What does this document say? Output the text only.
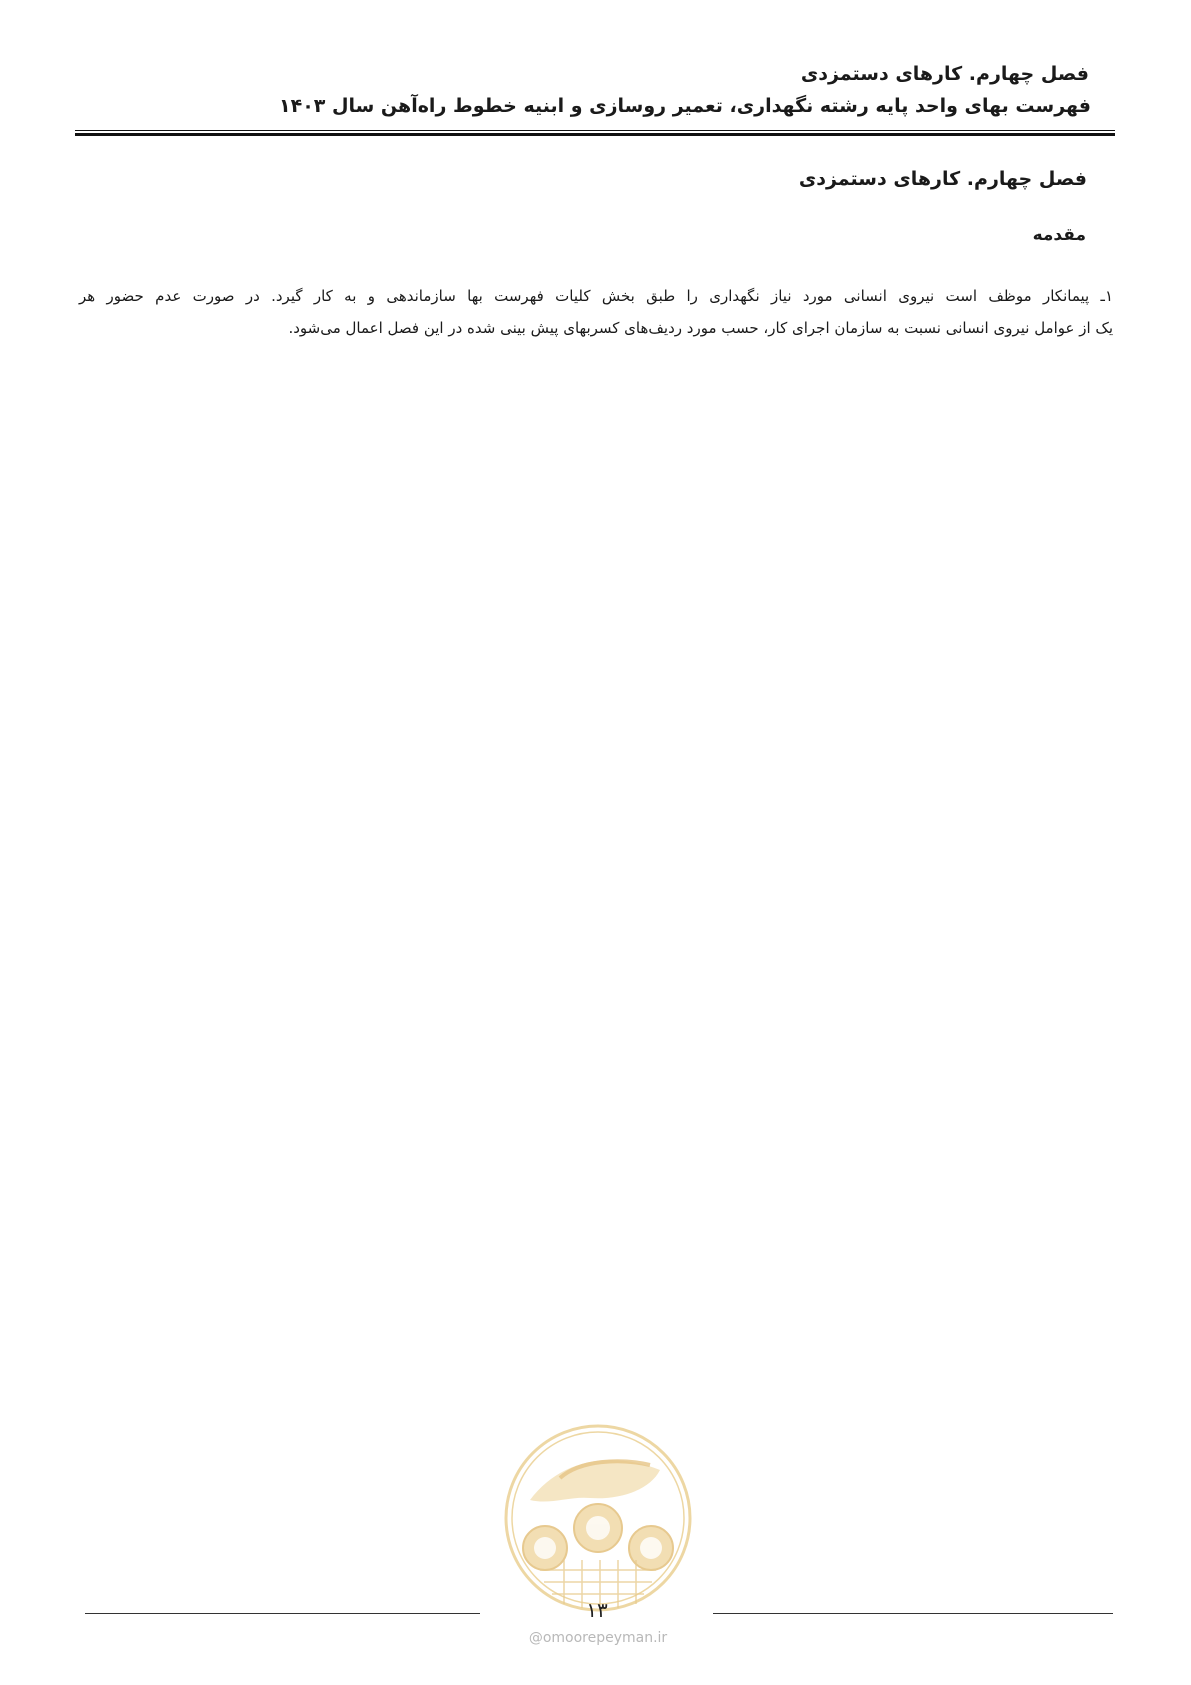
فصل چهارم. کارهای دستمزدی

فهرست بهای واحد پایه رشته نگهداری، تعمیر روسازی و ابنیه خطوط راه‌آهن سال ۱۴۰۳

فصل چهارم. کارهای دستمزدی
مقدمه

۱ـ پیمانکار موظف است نیروی انسانی مورد نیاز نگهداری را طبق بخش کلیات فهرست بها سازماندهی و به کار گیرد. در صورت عدم حضور هر
یک از عوامل نیروی انسانی نسبت به سازمان اجرای کار، حسب مورد ردیف‌های کسربهای پیش بینی شده در این فصل اعمال می‌شود.

۱۳
@omoorepeyman.ir
